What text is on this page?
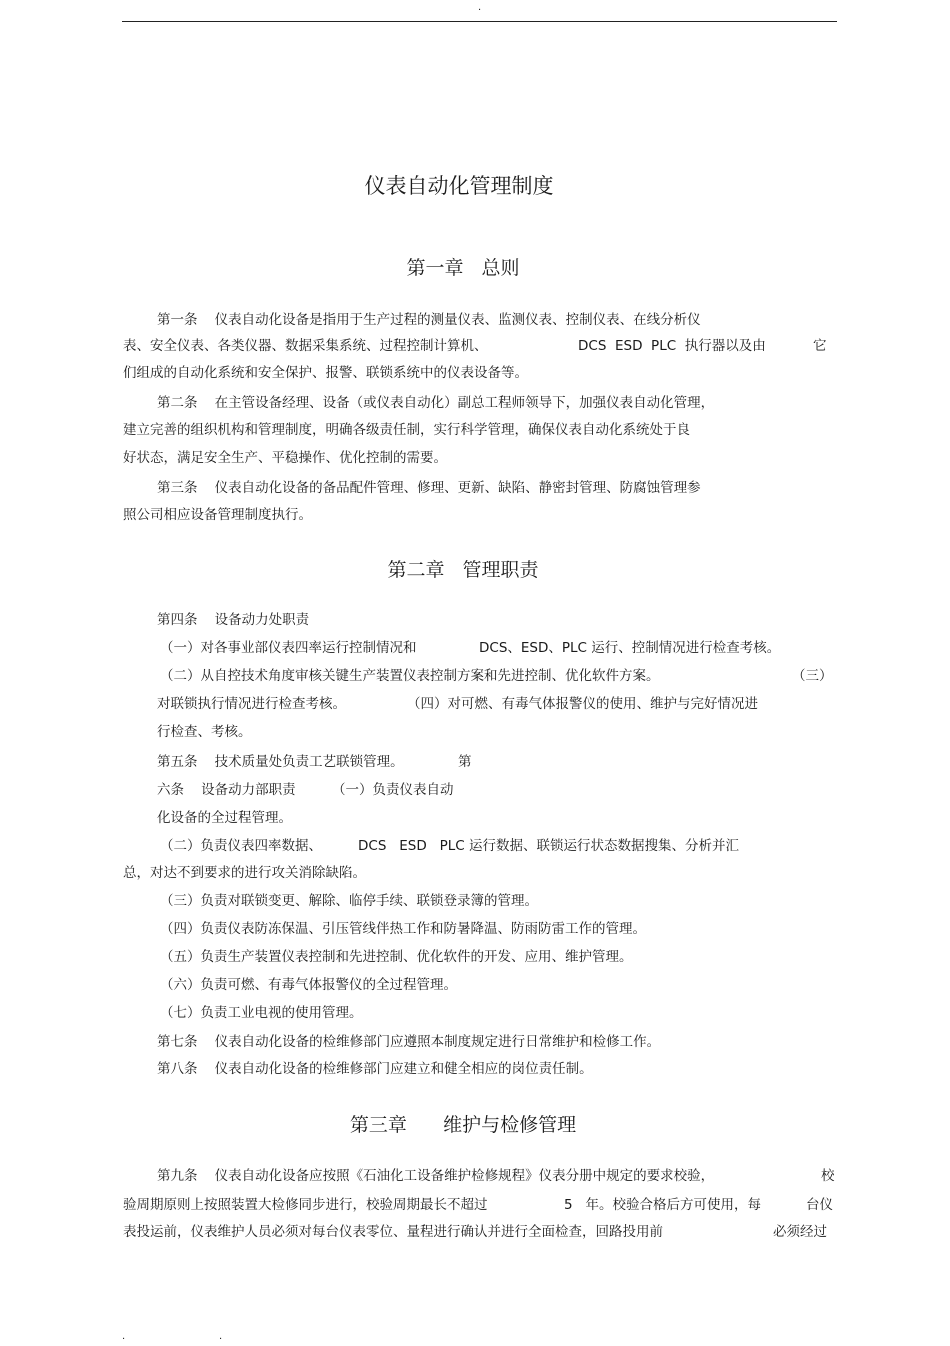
.
仪表自动化管理制度
第一章   总则
第一条    仪表自动化设备是指用于生产过程的测量仪表、监测仪表、控制仪表、在线分析仪
表、安全仪表、各类仪器、数据采集系统、过程控制计算机、	DCS  ESD  PLC  执行器以及由	它
们组成的自动化系统和安全保护、报警、联锁系统中的仪表设备等。
第二条    在主管设备经理、设备（或仪表自动化）副总工程师领导下，加强仪表自动化管理，
建立完善的组织机构和管理制度，明确各级责任制，实行科学管理，确保仪表自动化系统处于良
好状态，满足安全生产、平稳操作、优化控制的需要。
第三条    仪表自动化设备的备品配件管理、修理、更新、缺陷、静密封管理、防腐蚀管理参
照公司相应设备管理制度执行。
第二章   管理职责
第四条    设备动力处职责
（一）对各事业部仪表四率运行控制情况和	DCS、ESD、PLC 运行、控制情况进行检查考核。
（二）从自控技术角度审核关键生产装置仪表控制方案和先进控制、优化软件方案。	（三）
对联锁执行情况进行检查考核。	（四）对可燃、有毒气体报警仪的使用、维护与完好情况进
行检查、考核。
第五条    技术质量处负责工艺联锁管理。	第
六条    设备动力部职责	（一）负责仪表自动
化设备的全过程管理。
（二）负责仪表四率数据、	DCS   ESD   PLC 运行数据、联锁运行状态数据搜集、分析并汇
总，对达不到要求的进行攻关消除缺陷。
（三）负责对联锁变更、解除、临停手续、联锁登录簿的管理。
（四）负责仪表防冻保温、引压管线伴热工作和防暑降温、防雨防雷工作的管理。
（五）负责生产装置仪表控制和先进控制、优化软件的开发、应用、维护管理。
（六）负责可燃、有毒气体报警仪的全过程管理。
（七）负责工业电视的使用管理。
第七条    仪表自动化设备的检维修部门应遵照本制度规定进行日常维护和检修工作。
第八条    仪表自动化设备的检维修部门应建立和健全相应的岗位责任制。
第三章      维护与检修管理
第九条    仪表自动化设备应按照《石油化工设备维护检修规程》仪表分册中规定的要求校验，	校
验周期原则上按照装置大检修同步进行，校验周期最长不超过	5   年。校验合格后方可使用，每	台仪
表投运前，仪表维护人员必须对每台仪表零位、量程进行确认并进行全面检查，回路投用前	必须经过
.	.
